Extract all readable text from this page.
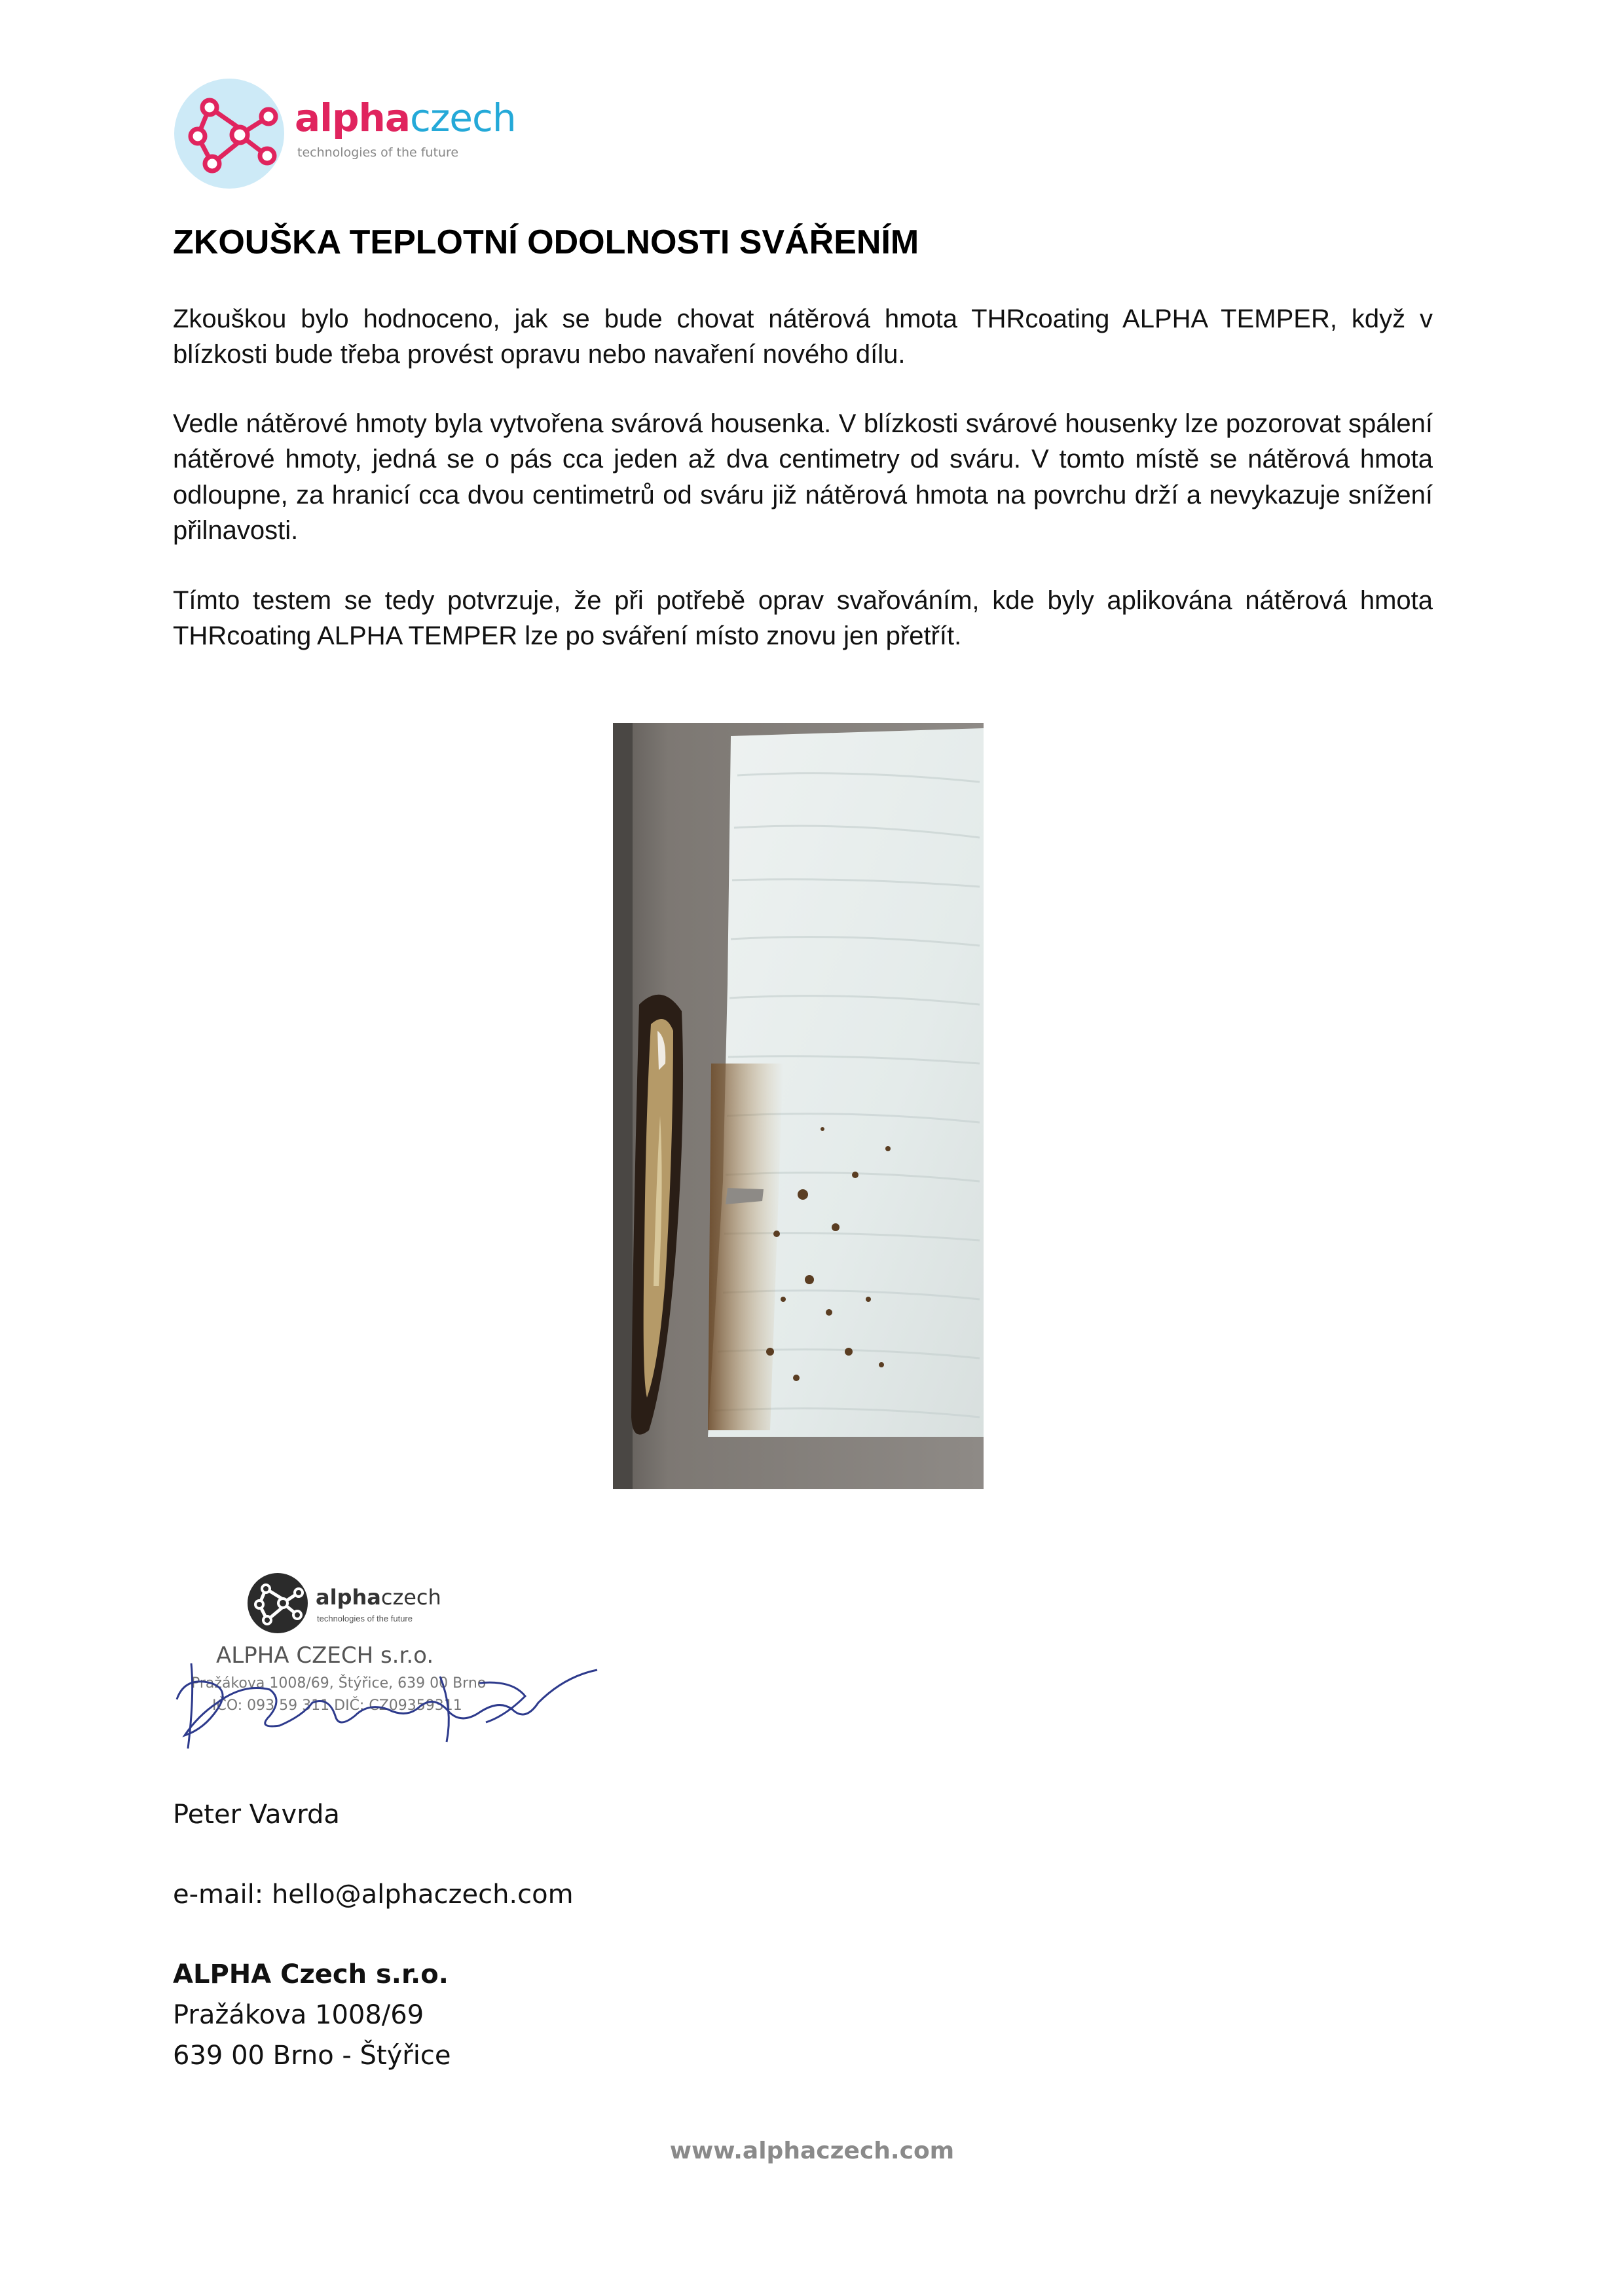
alphaczech
technologies of the future
ZKOUŠKA TEPLOTNÍ ODOLNOSTI SVÁŘENÍM

Zkouškou bylo hodnoceno, jak se bude chovat nátěrová hmota THRcoating ALPHA TEMPER, když v blízkosti bude třeba provést opravu nebo navaření nového dílu.

Vedle nátěrové hmoty byla vytvořena svárová housenka. V blízkosti svárové housenky lze pozorovat spálení nátěrové hmoty, jedná se o pás cca jeden až dva centimetry od sváru. V tomto místě se nátěrová hmota odloupne, za hranicí cca dvou centimetrů od sváru již nátěrová hmota na povrchu drží a nevykazuje snížení přilnavosti.

Tímto testem se tedy potvrzuje, že při potřebě oprav svařováním, kde byly aplikována nátěrová hmota THRcoating ALPHA TEMPER lze po sváření místo znovu jen přetřít.

alphaczech
technologies of the future
ALPHA CZECH s.r.o.
Pražákova 1008/69, Štýřice, 639 00 Brno
IČO: 093 59 311 DIČ: CZ09359311

Peter Vavrda

e-mail: hello@alphaczech.com

ALPHA Czech s.r.o.

Pražákova 1008/69

639 00 Brno - Štýřice

www.alphaczech.com
